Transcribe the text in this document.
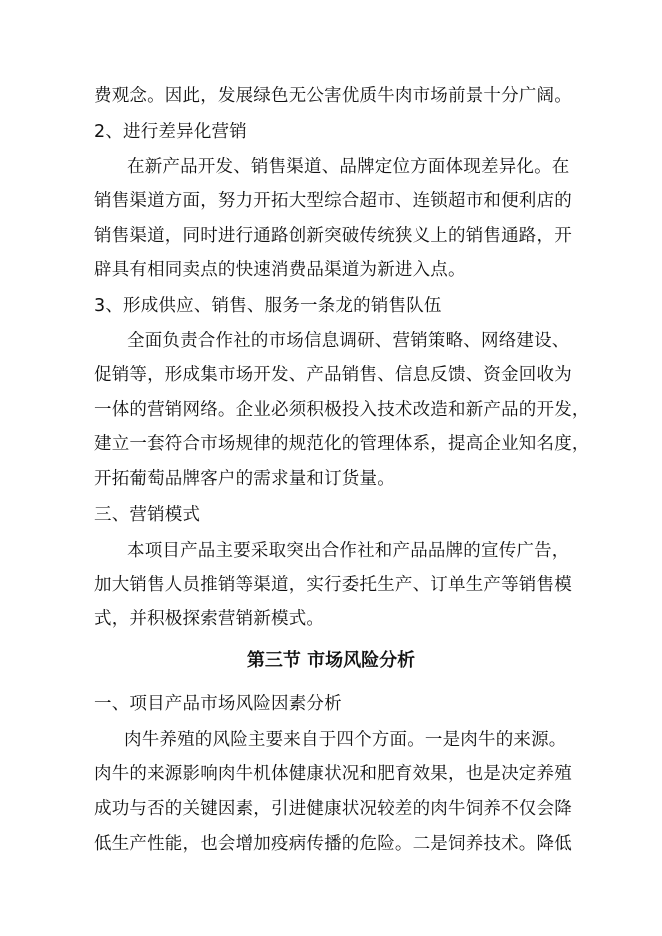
费观念。因此，发展绿色无公害优质牛肉市场前景十分广阔。
2、进行差异化营销
在新产品开发、销售渠道、品牌定位方面体现差异化。在
销售渠道方面，努力开拓大型综合超市、连锁超市和便利店的
销售渠道，同时进行通路创新突破传统狭义上的销售通路，开
辟具有相同卖点的快速消费品渠道为新进入点。
3、形成供应、销售、服务一条龙的销售队伍
全面负责合作社的市场信息调研、营销策略、网络建设、
促销等，形成集市场开发、产品销售、信息反馈、资金回收为
一体的营销网络。企业必须积极投入技术改造和新产品的开发，
建立一套符合市场规律的规范化的管理体系，提高企业知名度，
开拓葡萄品牌客户的需求量和订货量。
三、营销模式
本项目产品主要采取突出合作社和产品品牌的宣传广告，
加大销售人员推销等渠道，实行委托生产、订单生产等销售模
式，并积极探索营销新模式。
第三节 市场风险分析
一、项目产品市场风险因素分析
肉牛养殖的风险主要来自于四个方面。一是肉牛的来源。
肉牛的来源影响肉牛机体健康状况和肥育效果，也是决定养殖
成功与否的关键因素，引进健康状况较差的肉牛饲养不仅会降
低生产性能，也会增加疫病传播的危险。二是饲养技术。降低
